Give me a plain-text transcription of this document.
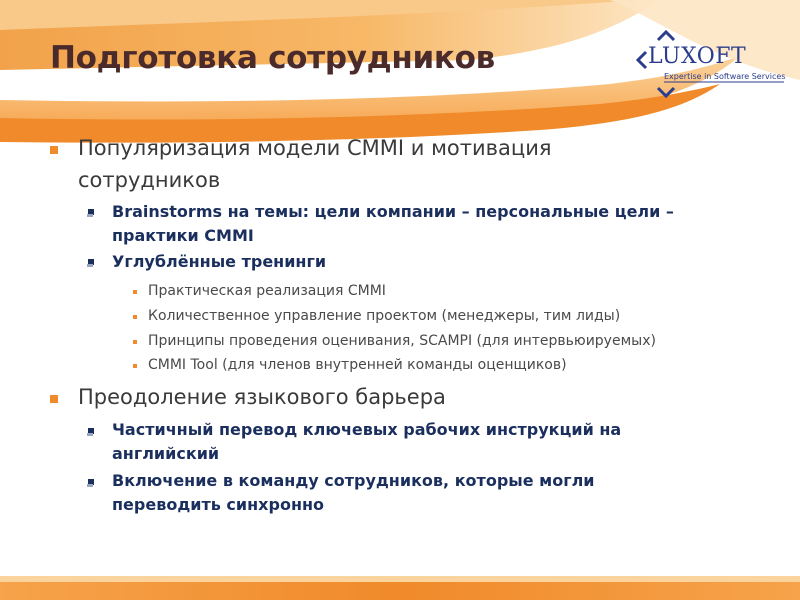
Подготовка сотрудников	LUXOFT
Expertise in Software Services
Популяризация модели CMMI и мотивация сотрудников
Brainstorms на темы: цели компании – персональные цели – практики CMMI
Углублённые тренинги
Практическая реализация CMMI
Количественное управление проектом (менеджеры, тим лиды)
Принципы проведения оценивания, SCAMPI (для интервьюируемых)
CMMI Tool (для членов внутренней команды оценщиков)
Преодоление языкового барьера
Частичный перевод ключевых рабочих инструкций на английский
Включение в команду сотрудников, которые могли переводить синхронно
